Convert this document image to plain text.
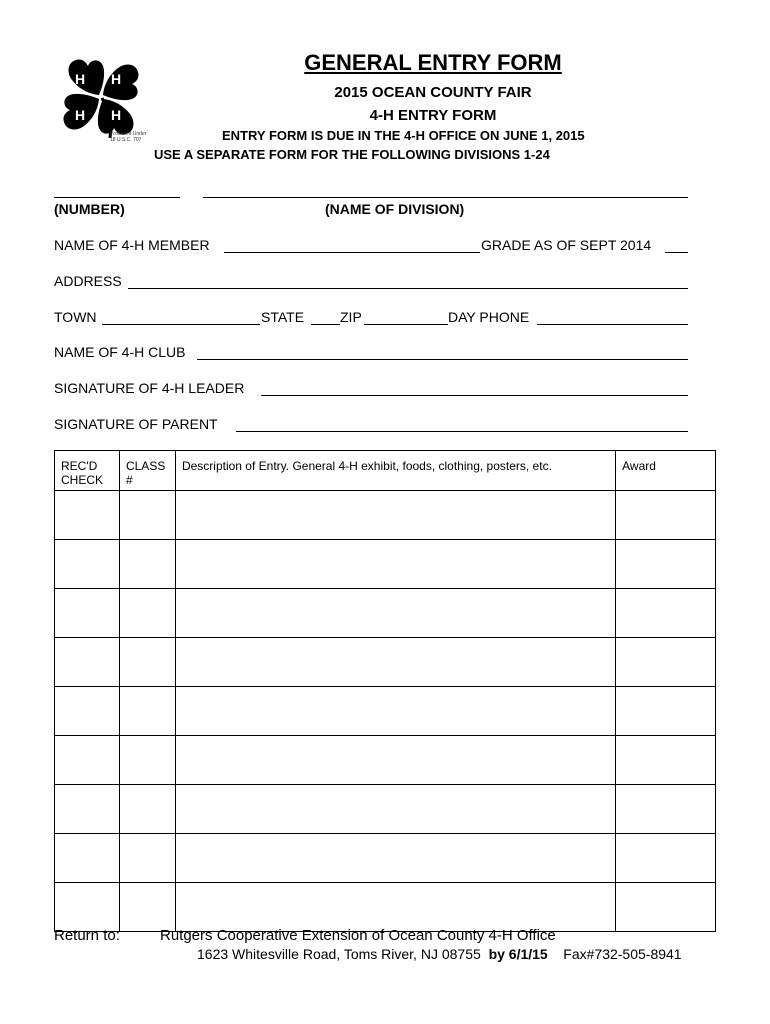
H H
H H
Protected Under 18 U.S.C. 707
GENERAL ENTRY FORM
2015 OCEAN COUNTY FAIR
4-H ENTRY FORM
ENTRY FORM IS DUE IN THE 4-H OFFICE ON JUNE 1, 2015
USE A SEPARATE FORM FOR THE FOLLOWING DIVISIONS 1-24
(NUMBER)	(NAME OF DIVISION)
NAME OF 4-H MEMBER	GRADE AS OF SEPT 2014
ADDRESS
TOWN	STATE	ZIP	DAY PHONE
NAME OF 4-H CLUB
SIGNATURE OF 4-H LEADER
SIGNATURE OF PARENT
REC'D CHECK	CLASS #	Description of Entry. General 4-H exhibit, foods, clothing, posters, etc.	Award

Return to:	Rutgers Cooperative Extension of Ocean County 4-H Office
1623 Whitesville Road, Toms River, NJ 08755 by 6/1/15 Fax#732-505-8941
